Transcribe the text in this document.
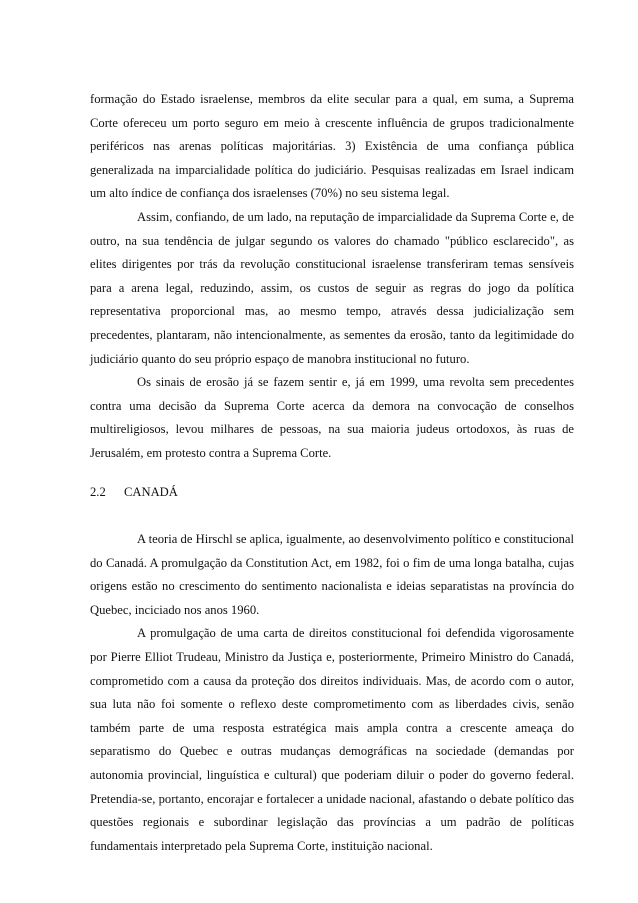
formação do Estado israelense, membros da elite secular para a qual, em suma, a Suprema Corte ofereceu um porto seguro em meio à crescente influência de grupos tradicionalmente periféricos nas arenas políticas majoritárias. 3) Existência de uma confiança pública generalizada na imparcialidade política do judiciário. Pesquisas realizadas em Israel indicam um alto índice de confiança dos israelenses (70%) no seu sistema legal.

Assim, confiando, de um lado, na reputação de imparcialidade da Suprema Corte e, de outro, na sua tendência de julgar segundo os valores do chamado "público esclarecido", as elites dirigentes por trás da revolução constitucional israelense transferiram temas sensíveis para a arena legal, reduzindo, assim, os custos de seguir as regras do jogo da política representativa proporcional mas, ao mesmo tempo, através dessa judicialização sem precedentes, plantaram, não intencionalmente, as sementes da erosão, tanto da legitimidade do judiciário quanto do seu próprio espaço de manobra institucional no futuro.

Os sinais de erosão já se fazem sentir e, já em 1999, uma revolta sem precedentes contra uma decisão da Suprema Corte acerca da demora na convocação de conselhos multireligiosos, levou milhares de pessoas, na sua maioria judeus ortodoxos, às ruas de Jerusalém, em protesto contra a Suprema Corte.

2.2	CANADÁ

A teoria de Hirschl se aplica, igualmente, ao desenvolvimento político e constitucional do Canadá. A promulgação da Constitution Act, em 1982, foi o fim de uma longa batalha, cujas origens estão no crescimento do sentimento nacionalista e ideias separatistas na província do Quebec, inciciado nos anos 1960.

A promulgação de uma carta de direitos constitucional foi defendida vigorosamente por Pierre Elliot Trudeau, Ministro da Justiça e, posteriormente, Primeiro Ministro do Canadá, comprometido com a causa da proteção dos direitos individuais. Mas, de acordo com o autor, sua luta não foi somente o reflexo deste comprometimento com as liberdades civis, senão também parte de uma resposta estratégica mais ampla contra a crescente ameaça do separatismo do Quebec e outras mudanças demográficas na sociedade (demandas por autonomia provincial, linguística e cultural) que poderiam diluir o poder do governo federal. Pretendia-se, portanto, encorajar e fortalecer a unidade nacional, afastando o debate político das questões regionais e subordinar legislação das províncias a um padrão de políticas fundamentais interpretado pela Suprema Corte, instituição nacional.
